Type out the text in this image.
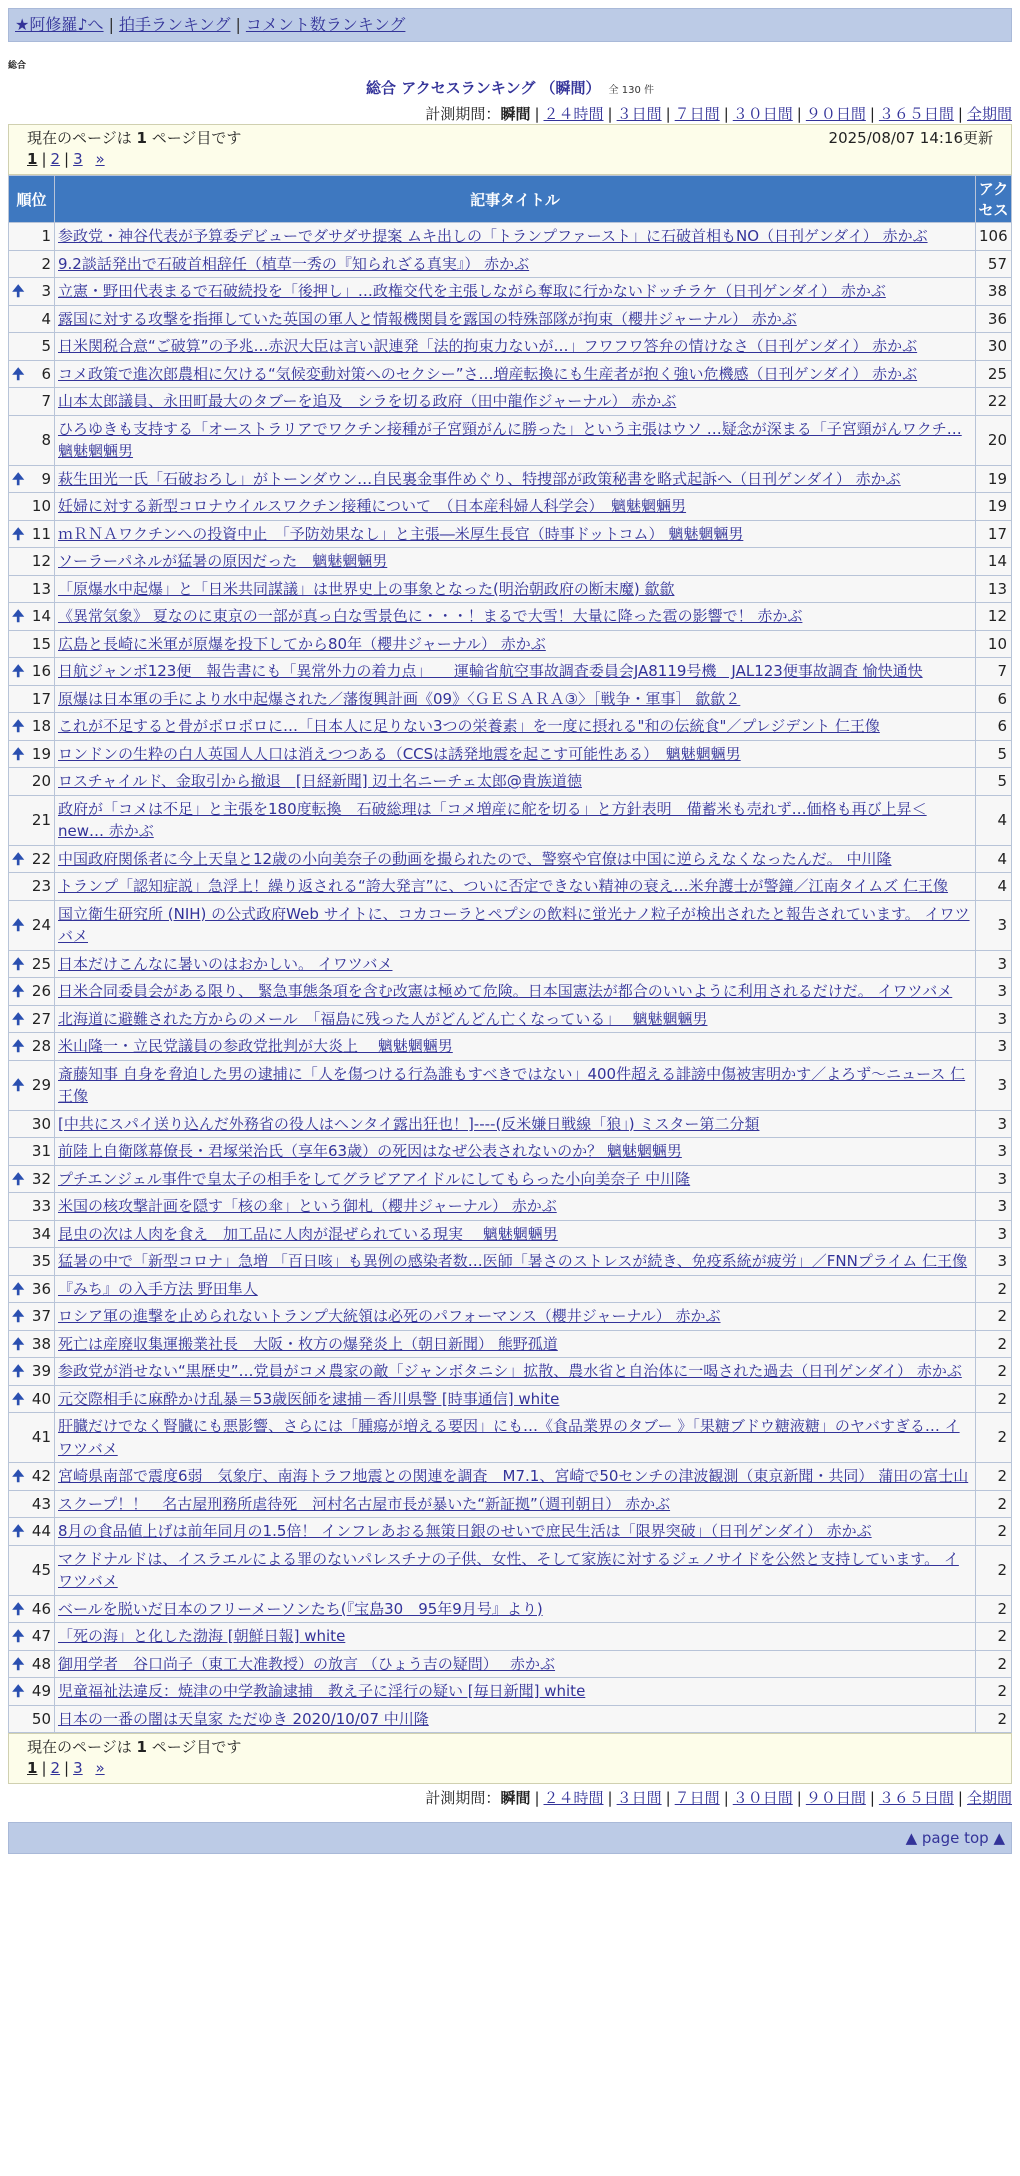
★阿修羅♪へ | 拍手ランキング | コメント数ランキング
総合
総合 アクセスランキング （瞬間） 全 130 件
計測期間：瞬間 | ２４時間 | ３日間 | ７日間 | ３０日間 | ９０日間 | ３６５日間 | 全期間
現在のページは 1 ページ目です	2025/08/07 14:16更新
1 | 2 | 3 »
順位	記事タイトル	アクセス
1	参政党・神谷代表が予算委デビューでダサダサ提案 ムキ出しの「トランプファースト」に石破首相もNO（日刊ゲンダイ） 赤かぶ	106
2	9.2談話発出で石破首相辞任（植草一秀の『知られざる真実』） 赤かぶ	57

🠉 3	立憲・野田代表まるで石破続投を「後押し」…政権交代を主張しながら奪取に行かないドッチラケ（日刊ゲンダイ） 赤かぶ	38
4	露国に対する攻撃を指揮していた英国の軍人と情報機関員を露国の特殊部隊が拘束（櫻井ジャーナル） 赤かぶ	36
5	日米関税合意“ご破算”の予兆…赤沢大臣は言い訳連発「法的拘束力ないが…」フワフワ答弁の情けなさ（日刊ゲンダイ） 赤かぶ	30

🠉 6	コメ政策で進次郎農相に欠ける“気候変動対策へのセクシー”さ…増産転換にも生産者が抱く強い危機感（日刊ゲンダイ） 赤かぶ	25
7	山本太郎議員、永田町最大のタブーを追及　シラを切る政府（田中龍作ジャーナル） 赤かぶ	22
8	ひろゆきも支持する「オーストラリアでワクチン接種が子宮頸がんに勝った」という主張はウソ …疑念が深まる「子宮頸がんワクチ… 魑魅魍魎男	20

🠉 9	萩生田光一氏「石破おろし」がトーンダウン…自民裏金事件めぐり、特捜部が政策秘書を略式起訴へ（日刊ゲンダイ） 赤かぶ	19
10	妊婦に対する新型コロナウイルスワクチン接種について　（日本産科婦人科学会）　魑魅魍魎男	19

🠉 11	ｍＲＮＡワクチンへの投資中止　「予防効果なし」と主張―米厚生長官（時事ドットコム） 魑魅魍魎男	17
12	ソーラーパネルが猛暑の原因だった　魑魅魍魎男	14
13	「原爆水中起爆」と「日米共同謀議」は世界史上の事象となった(明治朝政府の断末魔) 歙歙	13

🠉 14	《異常気象》 夏なのに東京の一部が真っ白な雪景色に・・・！まるで大雪！大量に降った雹の影響で！ 赤かぶ	12
15	広島と長崎に米軍が原爆を投下してから80年（櫻井ジャーナル） 赤かぶ	10

🠉 16	日航ジャンボ123便　報告書にも「異常外力の着力点」　　運輸省航空事故調査委員会JA8119号機　JAL123便事故調査 愉快通快	7
17	原爆は日本軍の手により水中起爆された／藩復興計画《09》〈ＧＥＳＡＲＡ③〉［戦争・軍事］ 歙歙２	6

🠉 18	これが不足すると骨がボロボロに…「日本人に足りない3つの栄養素」を一度に摂れる"和の伝統食"／プレジデント 仁王像	6

🠉 19	ロンドンの生粋の白人英国人人口は消えつつある（CCSは誘発地震を起こす可能性ある）　魑魅魍魎男	5
20	ロスチャイルド、金取引から撤退　[日経新聞] 辺土名ニーチェ太郎@貴族道徳	5
21	政府が「コメは不足」と主張を180度転換　石破総理は「コメ増産に舵を切る」と方針表明　備蓄米も売れず…価格も再び上昇＜new… 赤かぶ	4

🠉 22	中国政府関係者に今上天皇と12歳の小向美奈子の動画を撮られたので、警察や官僚は中国に逆らえなくなったんだ。 中川隆	4
23	トランプ「認知症説」急浮上！繰り返される“誇大発言”に、ついに否定できない精神の衰え…米弁護士が警鐘／江南タイムズ 仁王像	4

🠉 24	国立衛生研究所 (NIH) の公式政府Web サイトに、コカコーラとペプシの飲料に蛍光ナノ粒子が検出されたと報告されています。 イワツバメ	3

🠉 25	日本だけこんなに暑いのはおかしい。 イワツバメ	3

🠉 26	日米合同委員会がある限り、 緊急事態条項を含む改憲は極めて危険。日本国憲法が都合のいいように利用されるだけだ。 イワツバメ	3

🠉 27	北海道に避難された方からのメール　「福島に残った人がどんどん亡くなっている」　 魑魅魍魎男	3

🠉 28	米山隆一・立民党議員の参政党批判が大炎上　 魑魅魍魎男	3

🠉 29	斎藤知事 自身を脅迫した男の逮捕に「人を傷つける行為誰もすべきではない」400件超える誹謗中傷被害明かす／よろず～ニュース 仁王像	3
30	[中共にスパイ送り込んだ外務省の役人はヘンタイ露出狂也！]----(反米嫌日戦線「狼」) ミスター第二分類	3
31	前陸上自衛隊幕僚長・君塚栄治氏（享年63歳）の死因はなぜ公表されないのか？ 魑魅魍魎男	3

🠉 32	プチエンジェル事件で皇太子の相手をしてグラビアアイドルにしてもらった小向美奈子 中川隆	3
33	米国の核攻撃計画を隠す「核の傘」という御札（櫻井ジャーナル） 赤かぶ	3
34	昆虫の次は人肉を食え　加工品に人肉が混ぜられている現実　 魑魅魍魎男	3
35	猛暑の中で「新型コロナ」急増 「百日咳」も異例の感染者数…医師「暑さのストレスが続き、免疫系統が疲労」／FNNプライム 仁王像	3

🠉 36	『みち』の入手方法 野田隼人	2

🠉 37	ロシア軍の進撃を止められないトランプ大統領は必死のパフォーマンス（櫻井ジャーナル） 赤かぶ	2

🠉 38	死亡は産廃収集運搬業社長　大阪・枚方の爆発炎上（朝日新聞） 熊野孤道	2

🠉 39	参政党が消せない“黒歴史”…党員がコメ農家の敵「ジャンボタニシ」拡散、農水省と自治体に一喝された過去（日刊ゲンダイ） 赤かぶ	2

🠉 40	元交際相手に麻酔かけ乱暴＝53歳医師を逮捕－香川県警 [時事通信] white	2
41	肝臓だけでなく腎臓にも悪影響、さらには「腫瘍が増える要因」にも…《食品業界のタブー 》「果糖ブドウ糖液糖」のヤバすぎる… イワツバメ	2

🠉 42	宮崎県南部で震度6弱　気象庁、南海トラフ地震との関連を調査　M7.1、宮崎で50センチの津波観測（東京新聞・共同） 蒲田の富士山	2
43	スクープ！！　名古屋刑務所虐待死　河村名古屋市長が暴いた“新証拠”（週刊朝日） 赤かぶ	2

🠉 44	8月の食品値上げは前年同月の1.5倍！ インフレあおる無策日銀のせいで庶民生活は「限界突破」（日刊ゲンダイ） 赤かぶ	2
45	マクドナルドは、イスラエルによる罪のないパレスチナの子供、女性、そして家族に対するジェノサイドを公然と支持しています。 イワツバメ	2

🠉 46	ベールを脱いだ日本のフリーメーソンたち(『宝島30　95年9月号』より)	2

🠉 47	「死の海」と化した渤海 [朝鮮日報] white	2

🠉 48	御用学者　谷口尚子（東工大准教授）の放言 （ひょう吉の疑問）　 赤かぶ	2

🠉 49	児童福祉法違反：焼津の中学教諭逮捕　教え子に淫行の疑い [毎日新聞] white	2
50	日本の一番の闇は天皇家 ただゆき 2020/10/07 中川隆	2
現在のページは 1 ページ目です
1 | 2 | 3 »
計測期間：瞬間 | ２４時間 | ３日間 | ７日間 | ３０日間 | ９０日間 | ３６５日間 | 全期間
▲ page top ▲
